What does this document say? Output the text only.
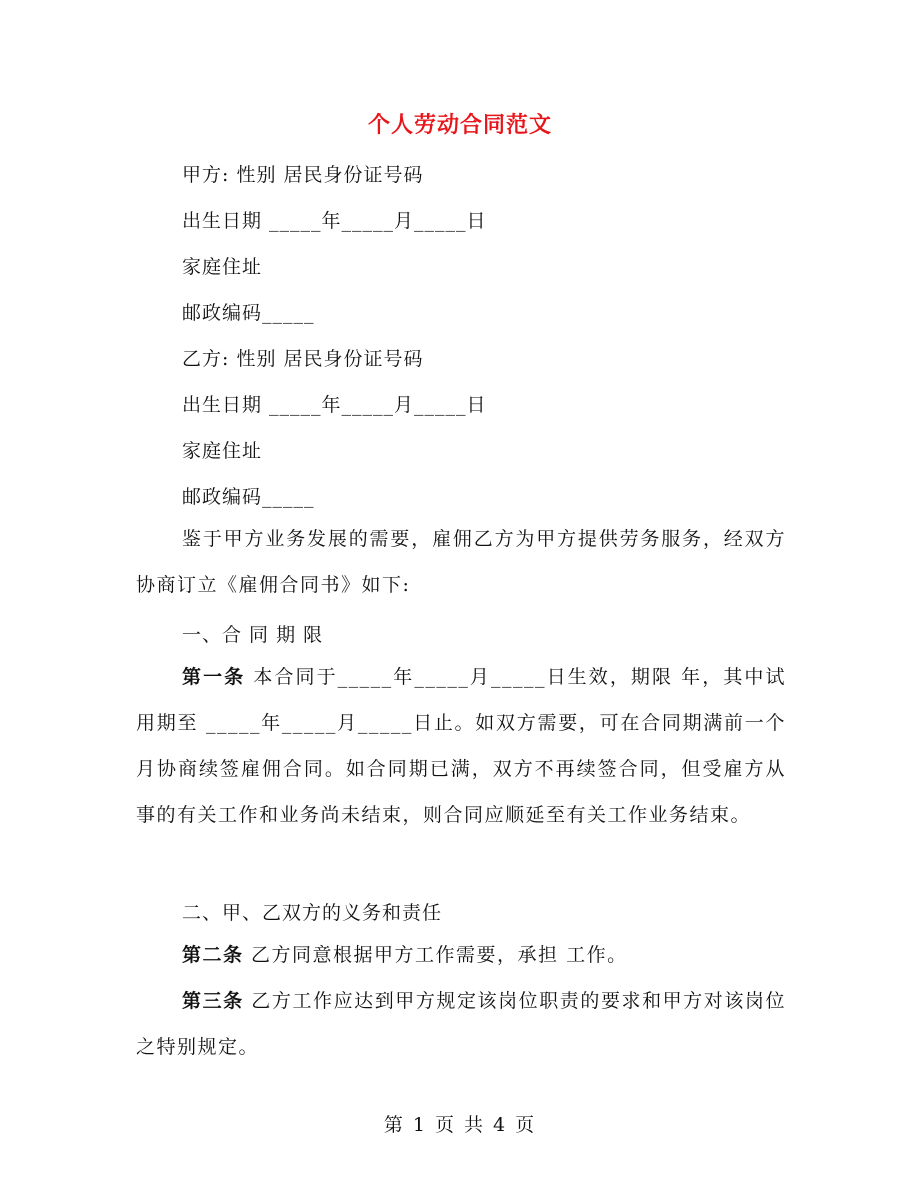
个人劳动合同范文
甲方: 性别 居民身份证号码
出生日期 _____年_____月_____日
家庭住址
邮政编码_____
乙方: 性别 居民身份证号码
出生日期 _____年_____月_____日
家庭住址
邮政编码_____
鉴于甲方业务发展的需要，雇佣乙方为甲方提供劳务服务，经双方协商订立《雇佣合同书》如下:
一、合 同 期 限
第一条 本合同于_____年_____月_____日生效，期限 年，其中试用期至 _____年_____月_____日止。如双方需要，可在合同期满前一个月协商续签雇佣合同。如合同期已满，双方不再续签合同，但受雇方从事的有关工作和业务尚未结束，则合同应顺延至有关工作业务结束。
二、甲、乙双方的义务和责任
第二条 乙方同意根据甲方工作需要，承担 工作。
第三条 乙方工作应达到甲方规定该岗位职责的要求和甲方对该岗位之特别规定。
第 1 页 共 4 页
